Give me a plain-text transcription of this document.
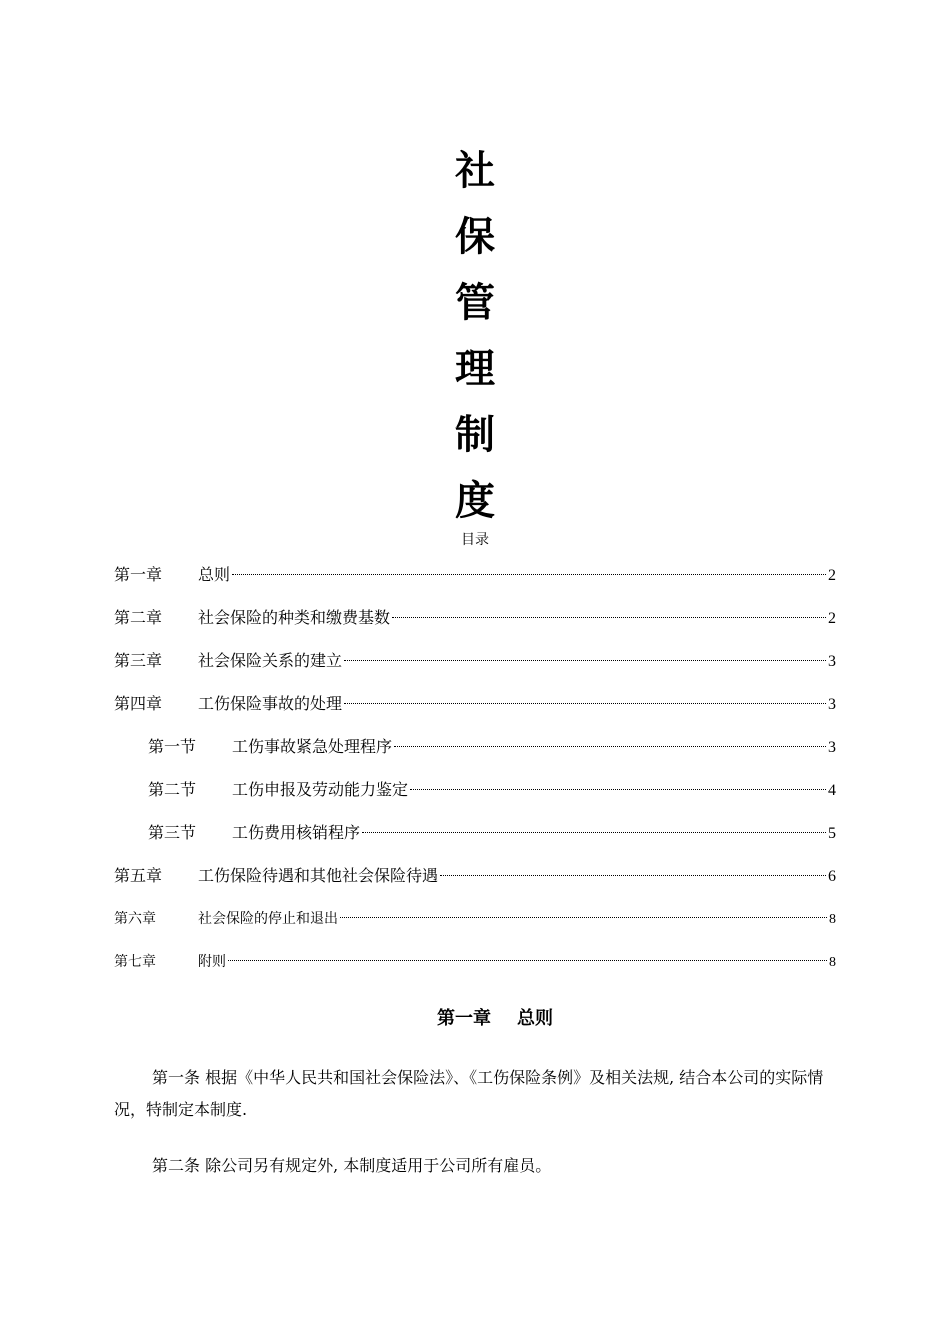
社
保
管
理
制
度
目录
第一章	总则	2
第二章	社会保险的种类和缴费基数	2
第三章	社会保险关系的建立	3
第四章	工伤保险事故的处理	3
第一节	工伤事故紧急处理程序	3
第二节	工伤申报及劳动能力鉴定	4
第三节	工伤费用核销程序	5
第五章	工伤保险待遇和其他社会保险待遇	6
第六章	社会保险的停止和退出	8
第七章	附则	8
第一章 总则

第一条 根据《中华人民共和国社会保险法》、《工伤保险条例》及相关法规, 结合本公司的实际情况，特制定本制度.

第二条 除公司另有规定外, 本制度适用于公司所有雇员。
